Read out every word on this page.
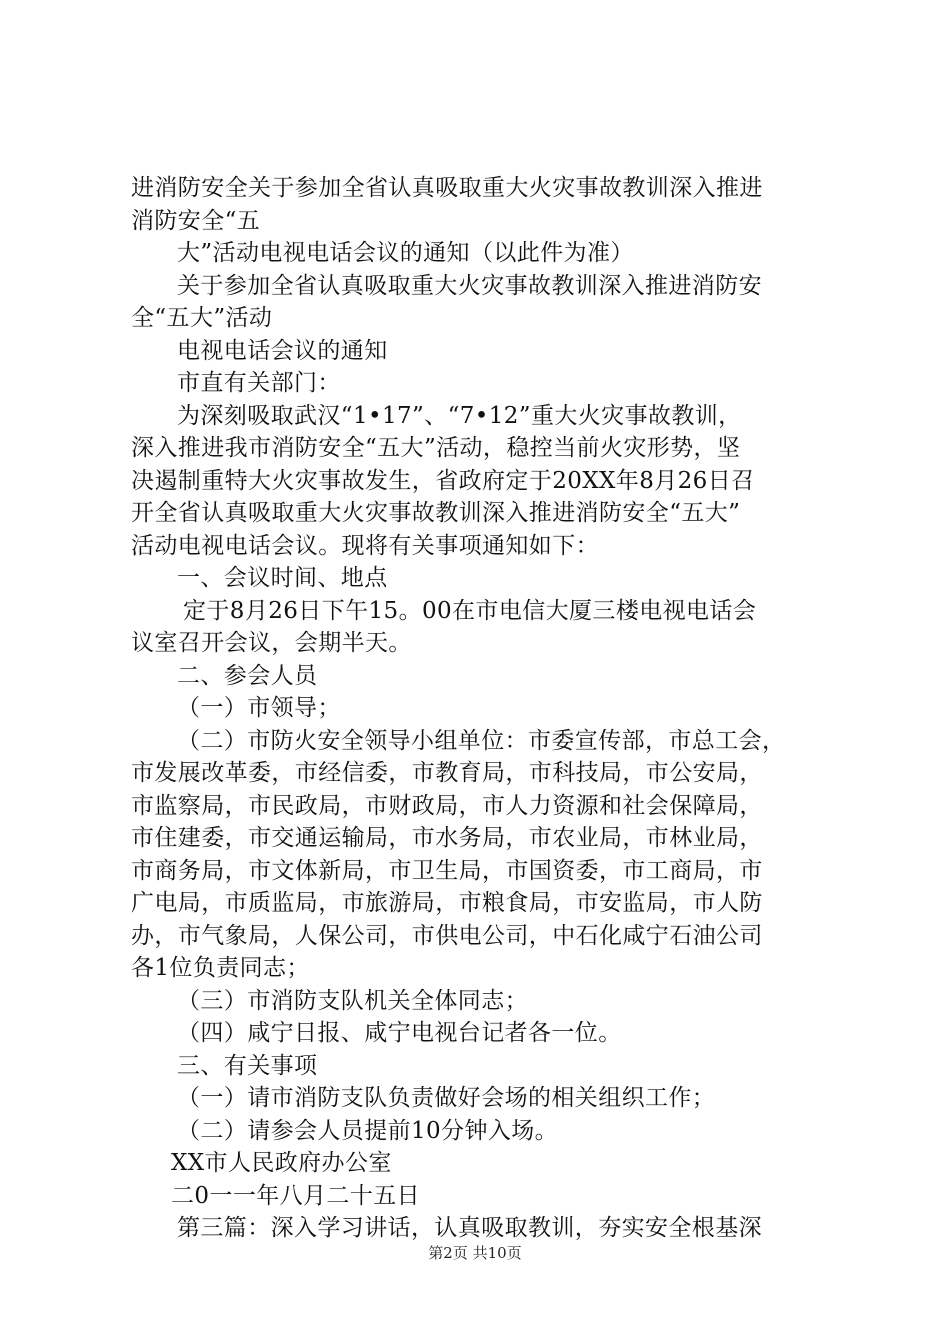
进消防安全关于参加全省认真吸取重大火灾事故教训深入推进
消防安全“五
大”活动电视电话会议的通知（以此件为准）
关于参加全省认真吸取重大火灾事故教训深入推进消防安
全“五大”活动
电视电话会议的通知
市直有关部门：
为深刻吸取武汉“1•17”、“7•12”重大火灾事故教训，
深入推进我市消防安全“五大”活动，稳控当前火灾形势，坚
决遏制重特大火灾事故发生，省政府定于20XX年8月26日召
开全省认真吸取重大火灾事故教训深入推进消防安全“五大”
活动电视电话会议。现将有关事项通知如下：
一、会议时间、地点
定于8月26日下午15。00在市电信大厦三楼电视电话会
议室召开会议，会期半天。
二、参会人员
（一）市领导；
（二）市防火安全领导小组单位：市委宣传部，市总工会，
市发展改革委，市经信委，市教育局，市科技局，市公安局，
市监察局，市民政局，市财政局，市人力资源和社会保障局，
市住建委，市交通运输局，市水务局，市农业局，市林业局，
市商务局，市文体新局，市卫生局，市国资委，市工商局，市
广电局，市质监局，市旅游局，市粮食局，市安监局，市人防
办，市气象局，人保公司，市供电公司，中石化咸宁石油公司
各1位负责同志；
（三）市消防支队机关全体同志；
（四）咸宁日报、咸宁电视台记者各一位。
三、有关事项
（一）请市消防支队负责做好会场的相关组织工作；
（二）请参会人员提前10分钟入场。
XX市人民政府办公室
二0一一年八月二十五日
第三篇：深入学习讲话，认真吸取教训，夯实安全根基深
第2页 共10页
